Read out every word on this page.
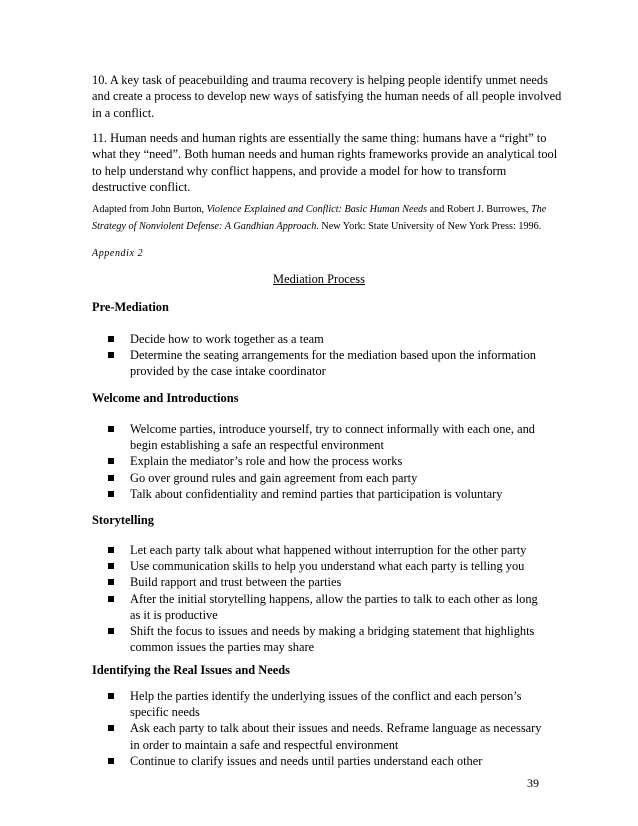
10. A key task of peacebuilding and trauma recovery is helping people identify unmet needs and create a process to develop new ways of satisfying the human needs of all people involved in a conflict.

11. Human needs and human rights are essentially the same thing: humans have a “right” to what they “need”. Both human needs and human rights frameworks provide an analytical tool to help understand why conflict happens, and provide a model for how to transform destructive conflict.

Adapted from John Burton, Violence Explained and Conflict: Basic Human Needs and Robert J. Burrowes, The Strategy of Nonviolent Defense: A Gandhian Approach. New York: State University of New York Press: 1996.

Appendix 2
Mediation Process

Pre-Mediation

Decide how to work together as a team
Determine the seating arrangements for the mediation based upon the information provided by the case intake coordinator

Welcome and Introductions

Welcome parties, introduce yourself, try to connect informally with each one, and begin establishing a safe an respectful environment
Explain the mediator’s role and how the process works
Go over ground rules and gain agreement from each party
Talk about confidentiality and remind parties that participation is voluntary

Storytelling

Let each party talk about what happened without interruption for the other party
Use communication skills to help you understand what each party is telling you
Build rapport and trust between the parties
After the initial storytelling happens, allow the parties to talk to each other as long as it is productive
Shift the focus to issues and needs by making a bridging statement that highlights common issues the parties may share

Identifying the Real Issues and Needs

Help the parties identify the underlying issues of the conflict and each person’s specific needs
Ask each party to talk about their issues and needs. Reframe language as necessary in order to maintain a safe and respectful environment
Continue to clarify issues and needs until parties understand each other
39
